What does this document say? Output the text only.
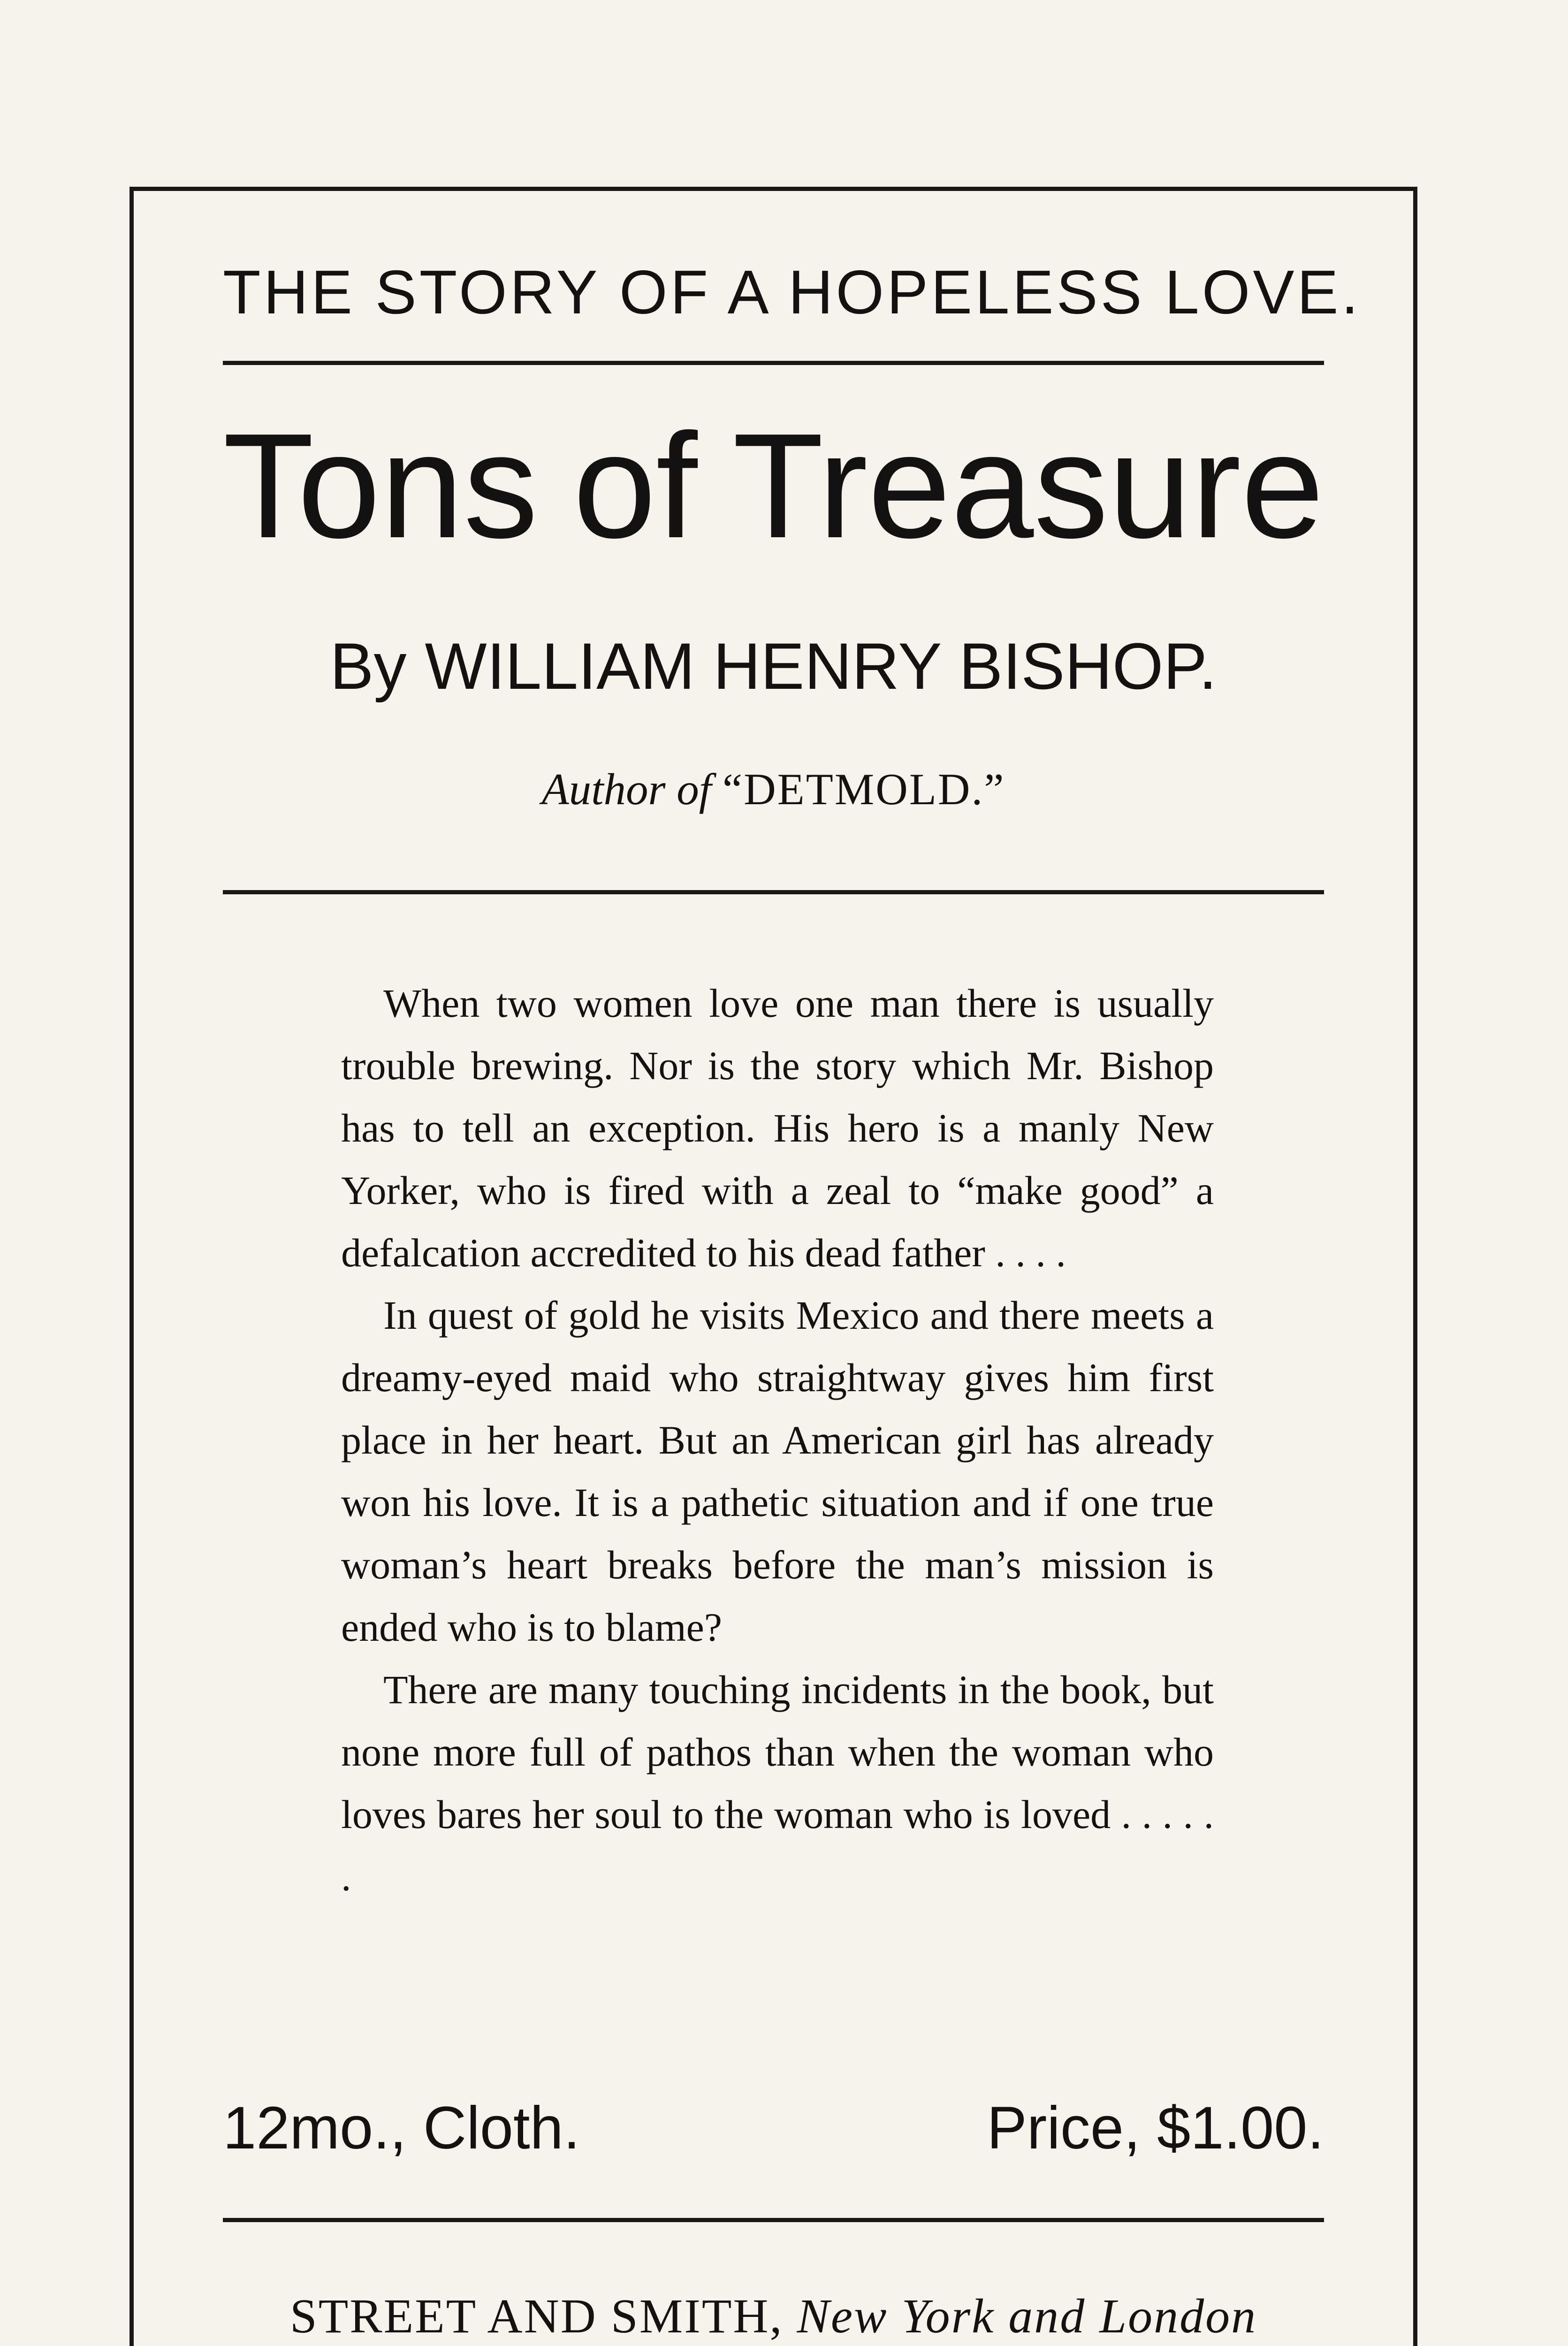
THE STORY OF A HOPELESS LOVE.
Tons of Treasure
By WILLIAM HENRY BISHOP.
Author of “DETMOLD.”

When two women love one man there is usually trouble brewing. Nor is the story which Mr. Bishop has to tell an exception. His hero is a manly New Yorker, who is fired with a zeal to “make good” a defalcation accredited to his dead father . . . .

In quest of gold he visits Mexico and there meets a dreamy-eyed maid who straightway gives him first place in her heart. But an American girl has already won his love. It is a pathetic situation and if one true woman’s heart breaks before the man’s mission is ended who is to blame?

There are many touching incidents in the book, but none more full of pathos than when the woman who loves bares her soul to the woman who is loved . . . . . .

12mo., Cloth.	Price, $1.00.
STREET AND SMITH, New York and London
